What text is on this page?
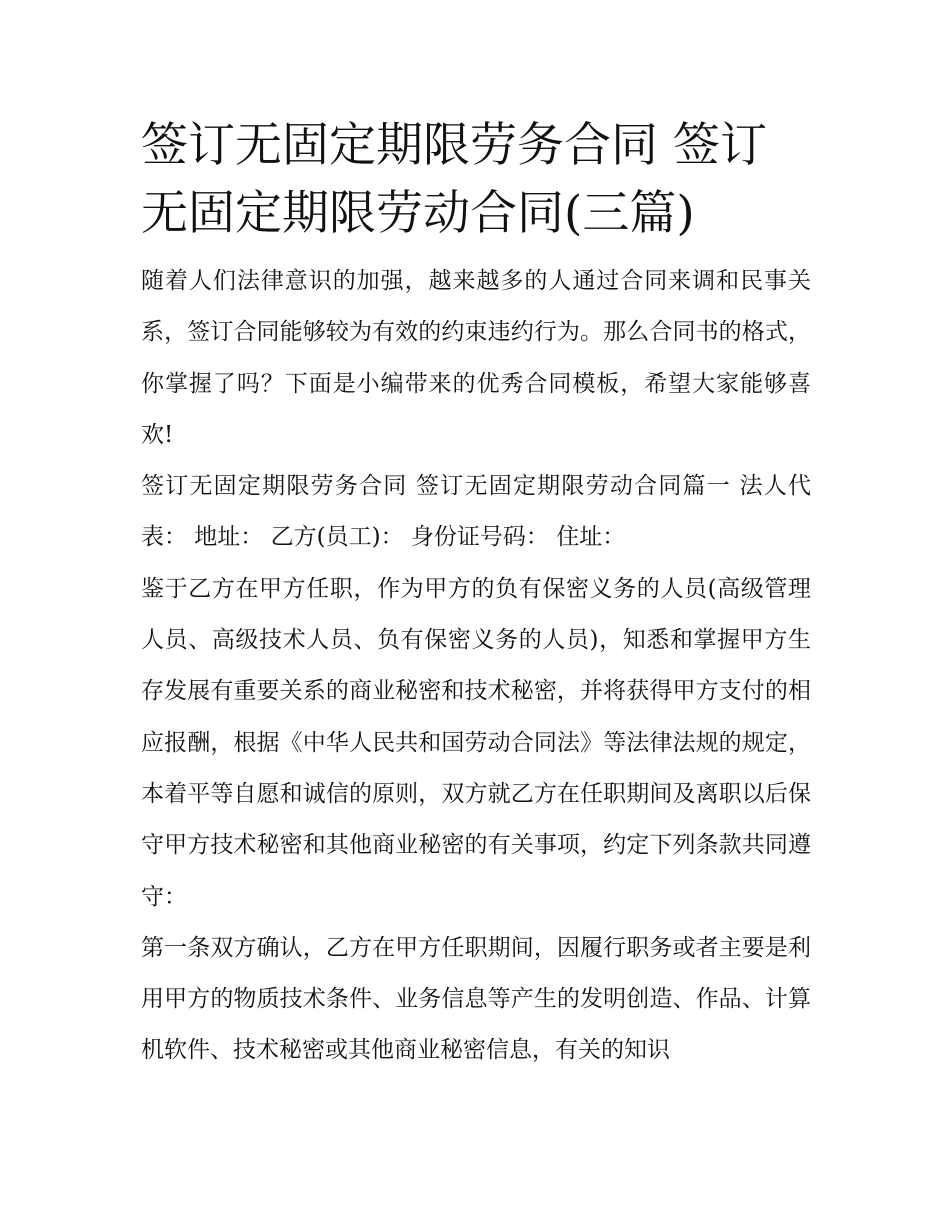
签订无固定期限劳务合同 签订无固定期限劳动合同(三篇)

随着人们法律意识的加强，越来越多的人通过合同来调和民事关系，签订合同能够较为有效的约束违约行为。那么合同书的格式，你掌握了吗？下面是小编带来的优秀合同模板，希望大家能够喜欢!

签订无固定期限劳务合同 签订无固定期限劳动合同篇一 法人代表： 地址： 乙方(员工)： 身份证号码： 住址：

鉴于乙方在甲方任职，作为甲方的负有保密义务的人员(高级管理人员、高级技术人员、负有保密义务的人员)，知悉和掌握甲方生存发展有重要关系的商业秘密和技术秘密，并将获得甲方支付的相应报酬，根据《中华人民共和国劳动合同法》等法律法规的规定，本着平等自愿和诚信的原则，双方就乙方在任职期间及离职以后保守甲方技术秘密和其他商业秘密的有关事项，约定下列条款共同遵守：

第一条双方确认，乙方在甲方任职期间，因履行职务或者主要是利用甲方的物质技术条件、业务信息等产生的发明创造、作品、计算机软件、技术秘密或其他商业秘密信息，有关的知识
